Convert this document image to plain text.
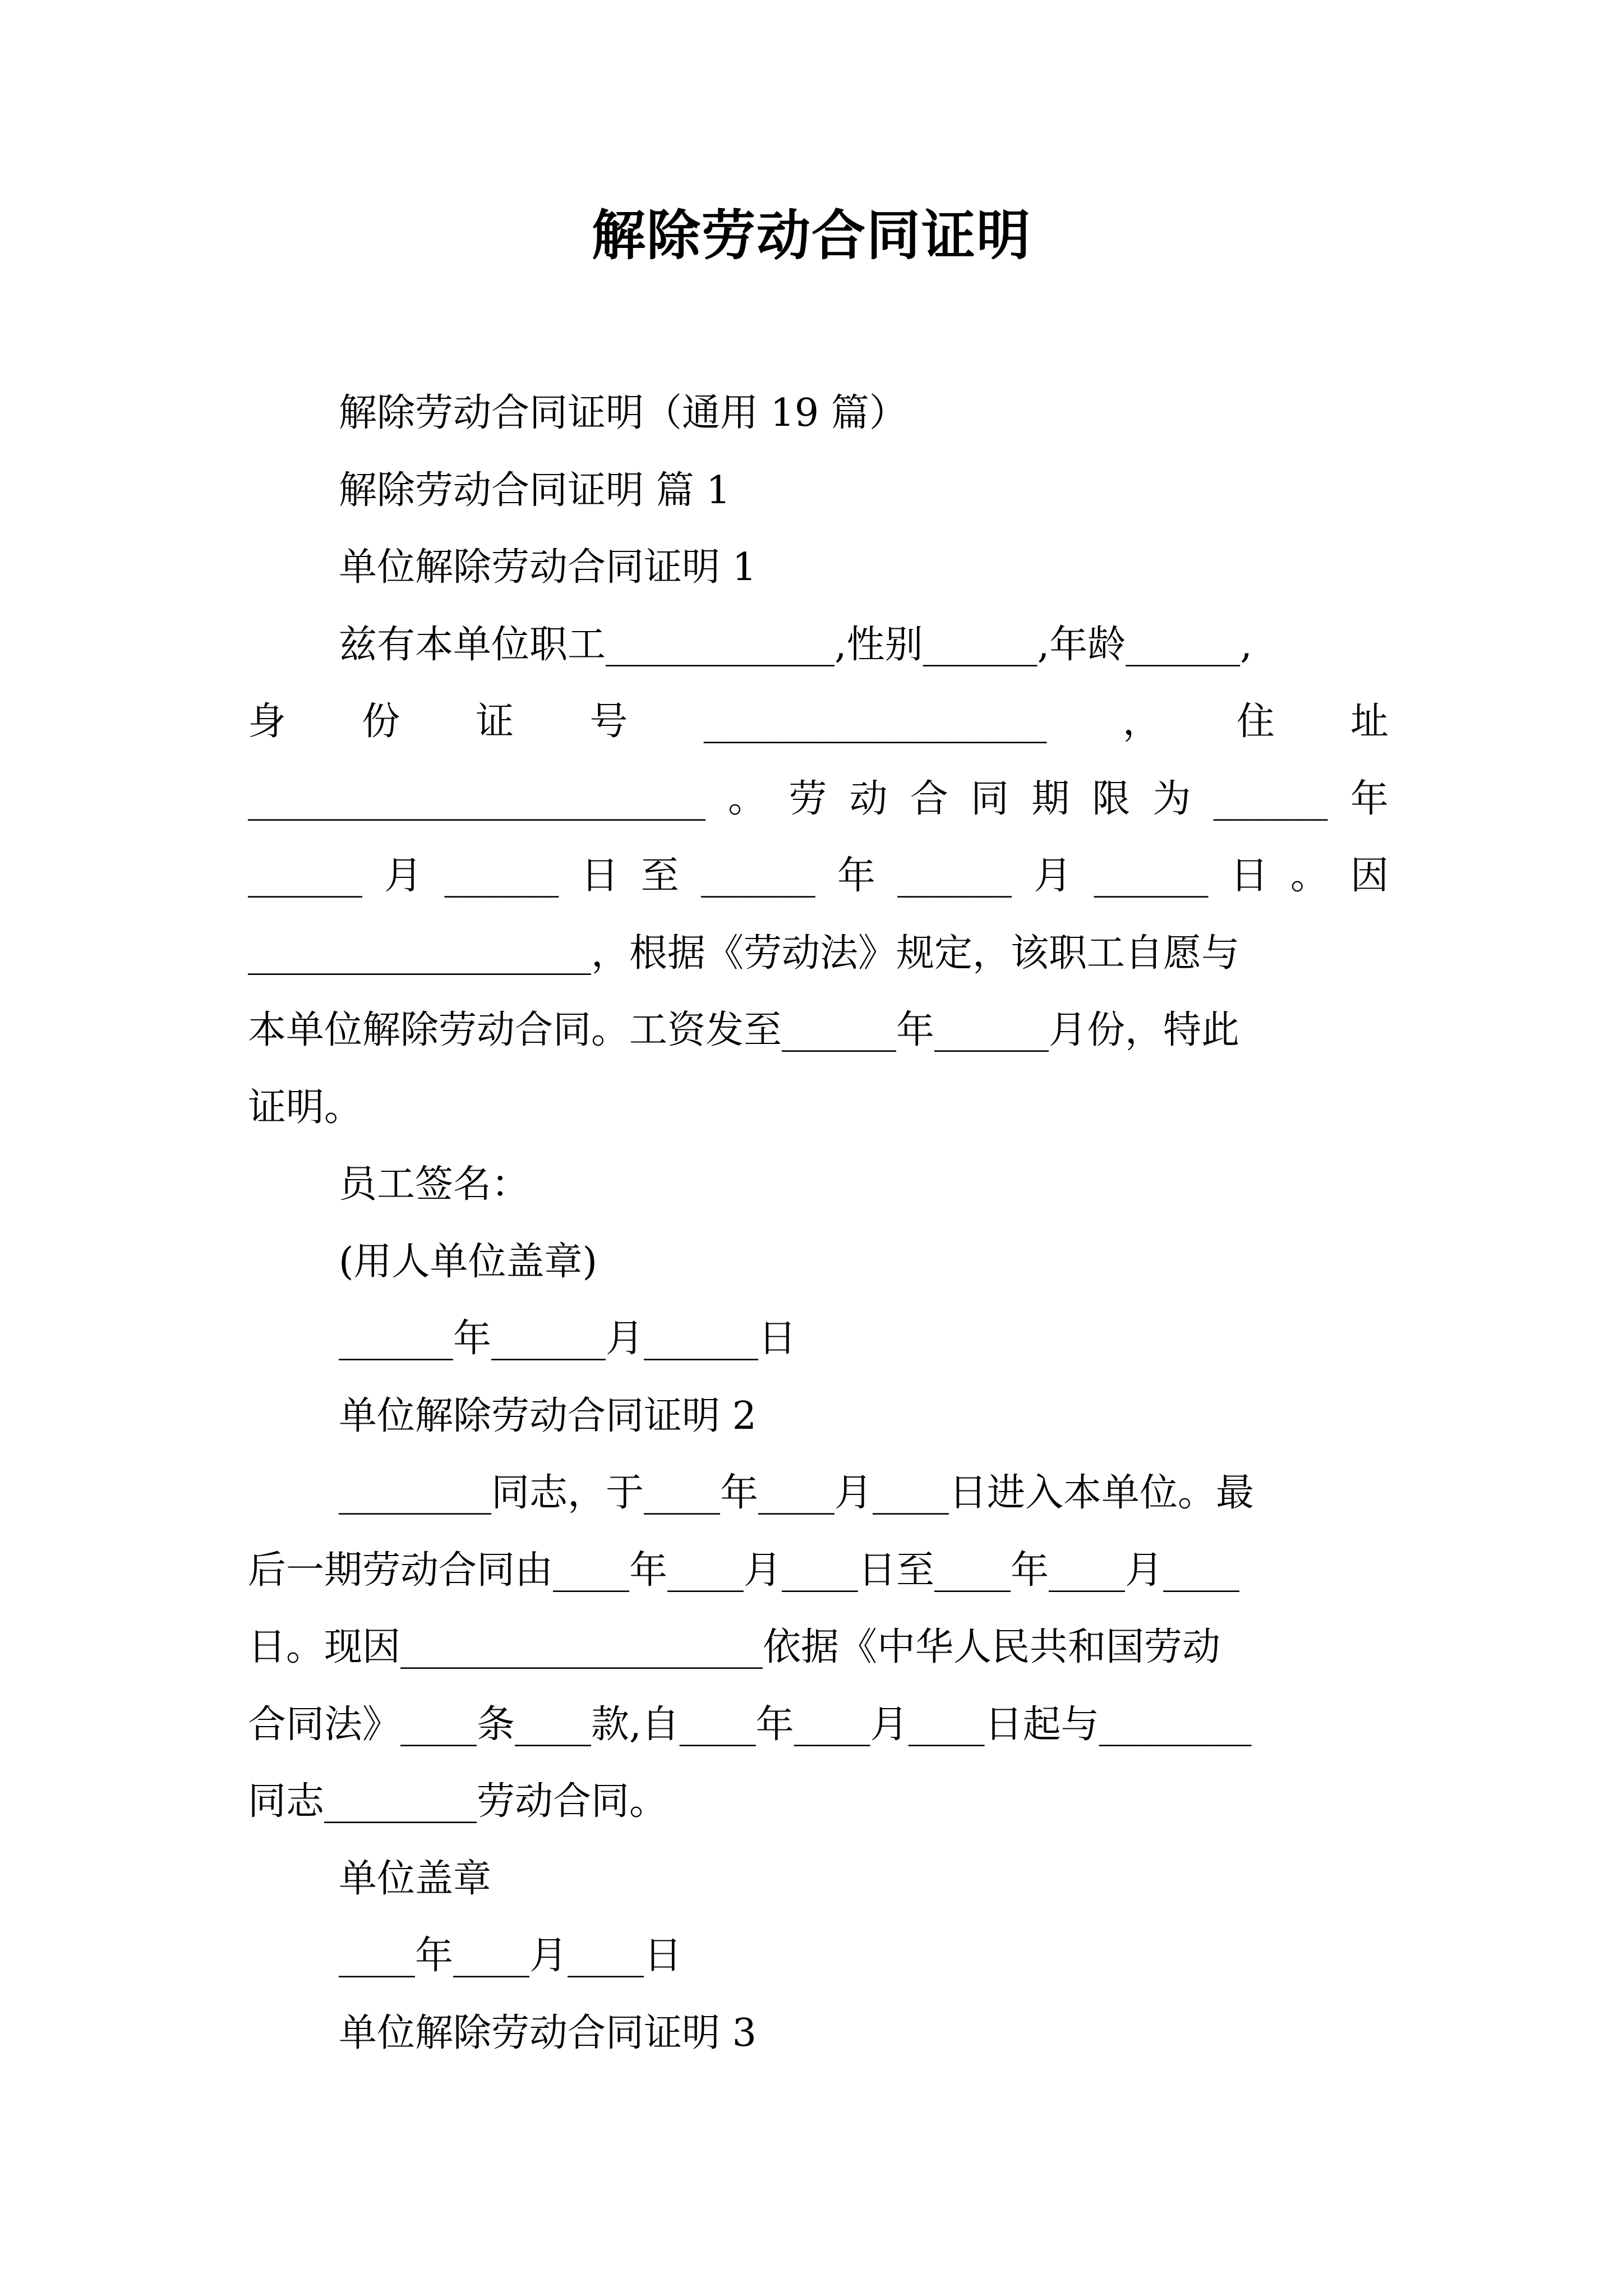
解除劳动合同证明

解除劳动合同证明（通用 19 篇）

解除劳动合同证明 篇 1

单位解除劳动合同证明 1

兹有本单位职工____________,性别______,年龄______,

身 份 证 号 __________________ ， 住 址

________________________ 。 劳 动 合 同 期 限 为 ______ 年

______ 月 ______ 日 至 ______ 年 ______ 月 ______ 日 。 因

__________________，根据《劳动法》规定，该职工自愿与

本单位解除劳动合同。工资发至______年______月份，特此

证明。

员工签名：

(用人单位盖章)

______年______月______日

单位解除劳动合同证明 2

________同志，于____年____月____日进入本单位。最

后一期劳动合同由____年____月____日至____年____月____

日。现因___________________依据《中华人民共和国劳动

合同法》____条____款,自____年____月____日起与________

同志________劳动合同。

单位盖章

____年____月____日

单位解除劳动合同证明 3
